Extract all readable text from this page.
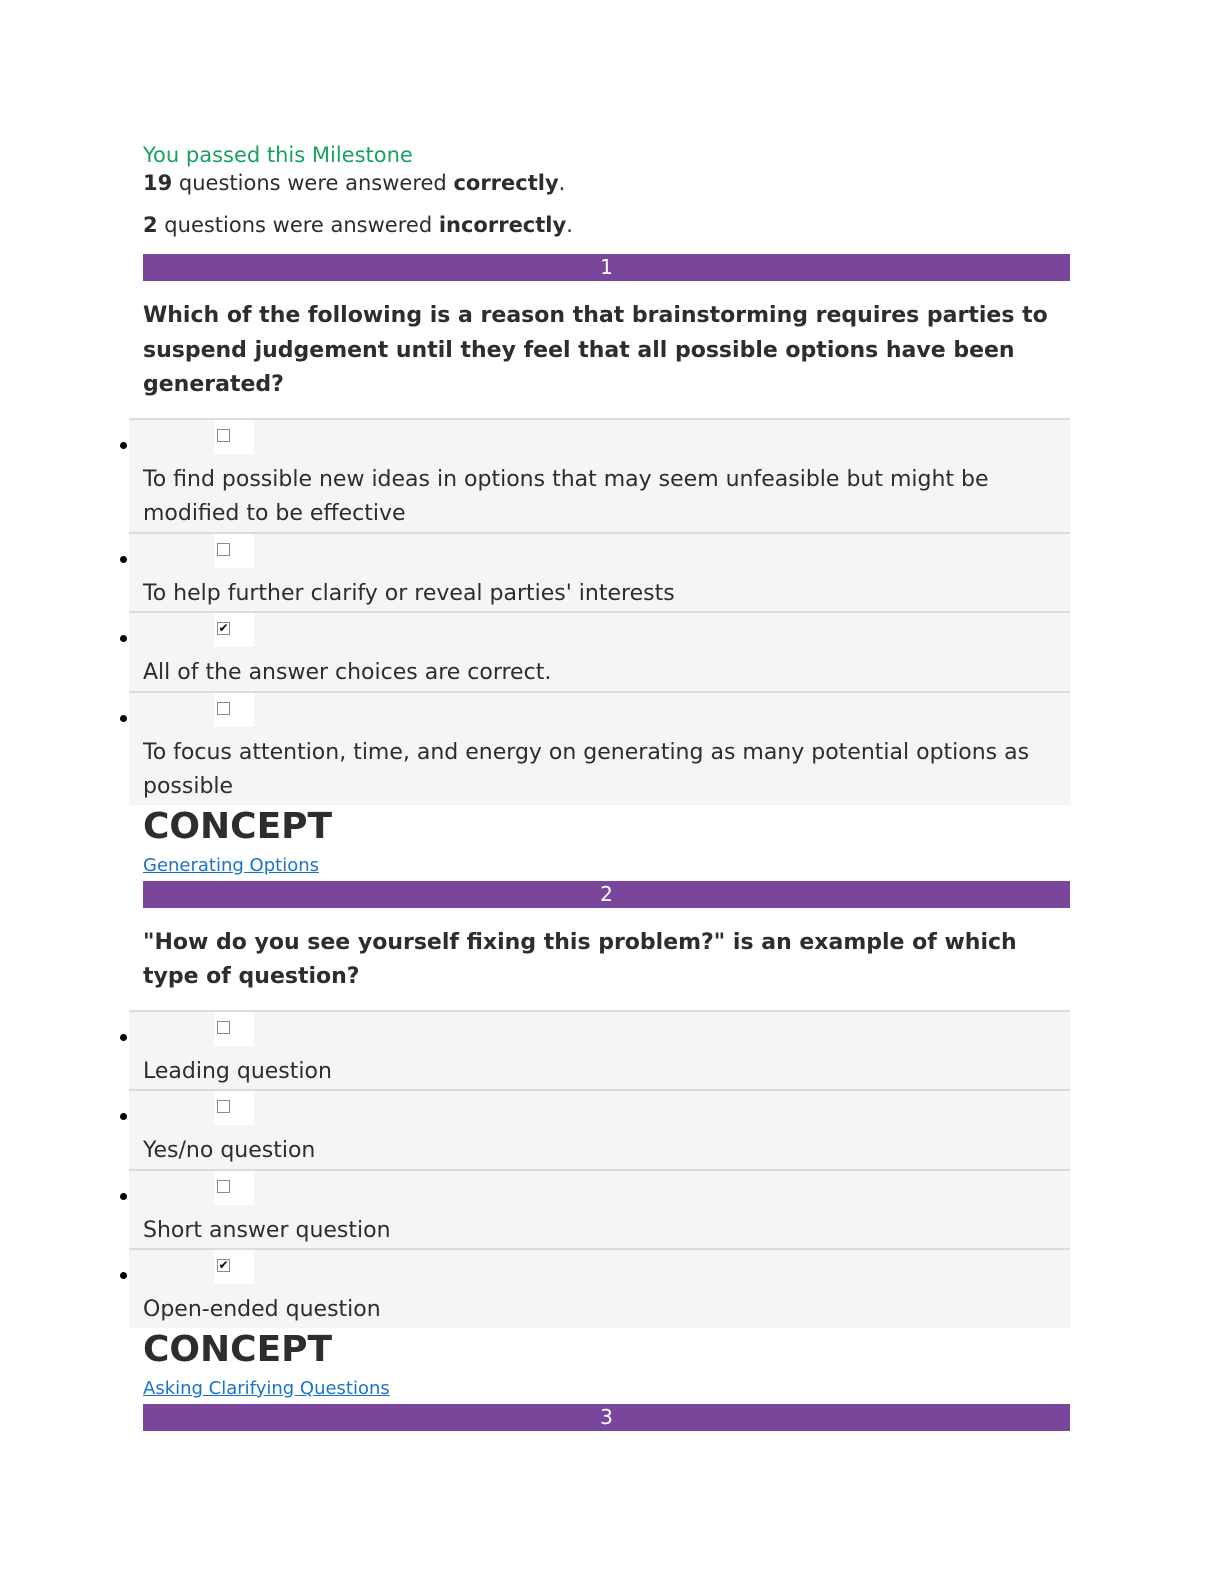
You passed this Milestone

19 questions were answered correctly.

2 questions were answered incorrectly.

1
Which of the following is a reason that brainstorming requires parties to suspend judgement until they feel that all possible options have been generated?
To find possible new ideas in options that may seem unfeasible but might be modified to be effective
To help further clarify or reveal parties' interests
✔
All of the answer choices are correct.
To focus attention, time, and energy on generating as many potential options as possible
CONCEPT
Generating Options
2
"How do you see yourself fixing this problem?" is an example of which type of question?
Leading question
Yes/no question
Short answer question
✔
Open-ended question
CONCEPT
Asking Clarifying Questions
3
